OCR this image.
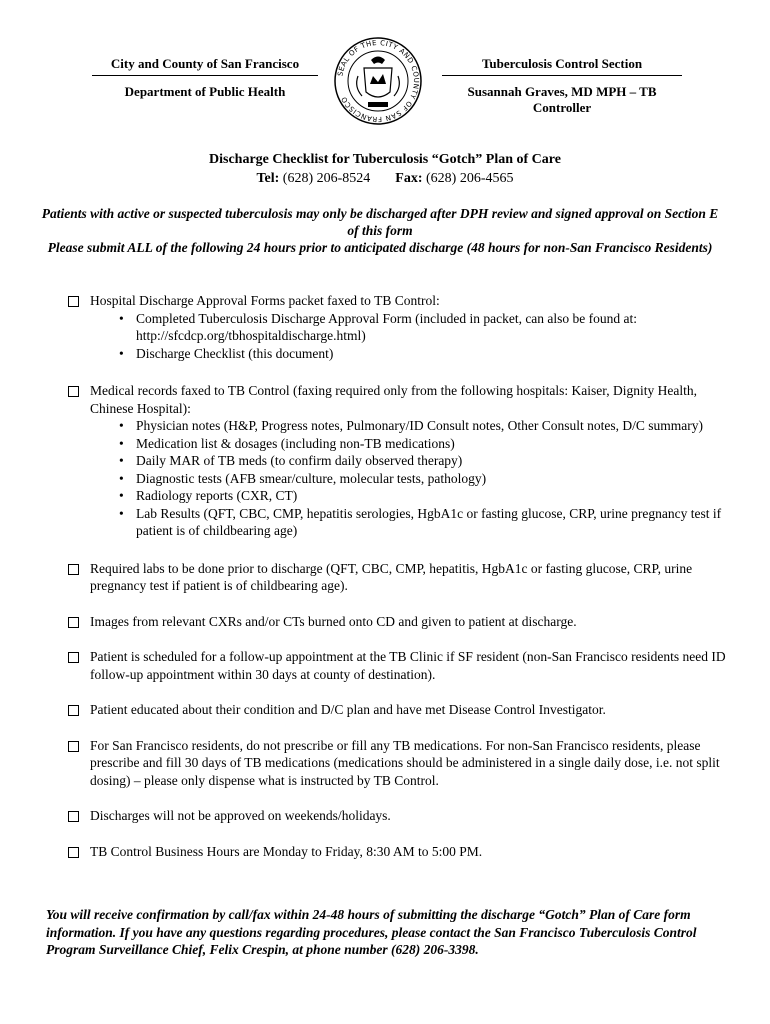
City and County of San Francisco
Department of Public Health
SEAL OF THE CITY AND COUNTY OF SAN FRANCISCO
Tuberculosis Control Section
Susannah Graves, MD MPH – TB Controller
Discharge Checklist for Tuberculosis “Gotch” Plan of Care
Tel: (628) 206-8524 Fax: (628) 206-4565
Patients with active or suspected tuberculosis may only be discharged after DPH review and signed approval on Section E of this form
Please submit ALL of the following 24 hours prior to anticipated discharge (48 hours for non-San Francisco Residents)
Hospital Discharge Approval Forms packet faxed to TB Control:
• Completed Tuberculosis Discharge Approval Form (included in packet, can also be found at: http://sfcdcp.org/tbhospitaldischarge.html)
• Discharge Checklist (this document)
Medical records faxed to TB Control (faxing required only from the following hospitals: Kaiser, Dignity Health, Chinese Hospital):
• Physician notes (H&P, Progress notes, Pulmonary/ID Consult notes, Other Consult notes, D/C summary)
• Medication list & dosages (including non-TB medications)
• Daily MAR of TB meds (to confirm daily observed therapy)
• Diagnostic tests (AFB smear/culture, molecular tests, pathology)
• Radiology reports (CXR, CT)
• Lab Results (QFT, CBC, CMP, hepatitis serologies, HgbA1c or fasting glucose, CRP, urine pregnancy test if patient is of childbearing age)
Required labs to be done prior to discharge (QFT, CBC, CMP, hepatitis, HgbA1c or fasting glucose, CRP, urine pregnancy test if patient is of childbearing age).
Images from relevant CXRs and/or CTs burned onto CD and given to patient at discharge.
Patient is scheduled for a follow-up appointment at the TB Clinic if SF resident (non-San Francisco residents need ID follow-up appointment within 30 days at county of destination).
Patient educated about their condition and D/C plan and have met Disease Control Investigator.
For San Francisco residents, do not prescribe or fill any TB medications. For non-San Francisco residents, please prescribe and fill 30 days of TB medications (medications should be administered in a single daily dose, i.e. not split dosing) – please only dispense what is instructed by TB Control.
Discharges will not be approved on weekends/holidays.
TB Control Business Hours are Monday to Friday, 8:30 AM to 5:00 PM.
You will receive confirmation by call/fax within 24-48 hours of submitting the discharge “Gotch” Plan of Care form information. If you have any questions regarding procedures, please contact the San Francisco Tuberculosis Control Program Surveillance Chief, Felix Crespin, at phone number (628) 206-3398.
